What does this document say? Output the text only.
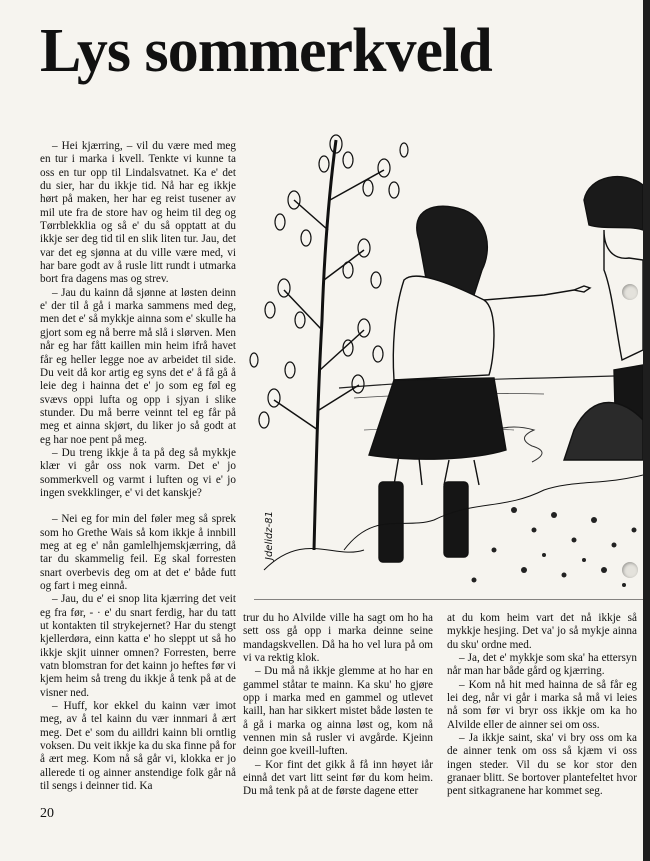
Lys sommerkveld

– Hei kjærring, – vil du være med meg en tur i marka i kvell. Tenkte vi kunne ta oss en tur opp til Lindalsvatnet. Ka e' det du sier, har du ikkje tid. Nå har eg ikkje hørt på maken, her har eg reist tusener av mil ute fra de store hav og heim til deg og Tørrblekklia og så e' du så opptatt at du ikkje ser deg tid til en slik liten tur. Jau, det var det eg sjønna at du ville være med, vi har bare godt av å rusle litt rundt i utmarka bort fra dagens mas og strev.

– Jau du kainn då sjønne at løsten deinn e' der til å gå i marka sammens med deg, men det e' så mykkje ainna som e' skulle ha gjort som eg nå berre må slå i slørven. Men når eg har fått kaillen min heim ifrå havet får eg heller legge noe av arbeidet til side. Du veit då kor artig eg syns det e' å få gå å leie deg i hainna det e' jo som eg føl eg svævs oppi lufta og opp i sjyan i slike stunder. Du må berre veinnt tel eg får på meg et ainna skjørt, du liker jo så godt at eg har noe pent på meg.

– Du treng ikkje å ta på deg så mykkje klær vi går oss nok varm. Det e' jo sommerkvell og varmt i luften og vi e' jo ingen svekklinger, e' vi det kanskje?

– Nei eg for min del føler meg så sprek som ho Grethe Wais så kom ikkje å innbill meg at eg e' nån gamlelhjemskjærring, då tar du skammelig feil. Eg skal forresten snart overbevis deg om at det e' både futt og fart i meg einnå.

– Jau, du e' ei snop lita kjærring det veit eg fra før, - · e' du snart ferdig, har du tatt ut kontakten til strykejernet? Har du stengt kjellerdøra, einn katta e' ho sleppt ut så ho ikkje skjit uinner omnen? Forresten, berre vatn blomstran for det kainn jo heftes før vi kjem heim så treng du ikkje å tenk på at de visner ned.

– Huff, kor ekkel du kainn vær imot meg, av å tel kainn du vær innmari å ært meg. Det e' som du ailldri kainn bli orntlig voksen. Du veit ikkje ka du ska finne på for å ært meg. Kom nå så går vi, klokka er jo allerede ti og ainner anstendige folk går nå til sengs i deinner tid. Ka

Jdelidz-81

trur du ho Alvilde ville ha sagt om ho ha sett oss gå opp i marka deinne seine mandagskvellen. Då ha ho vel lura på om vi va rektig klok.

– Du må nå ikkje glemme at ho har en gammel ståtar te mainn. Ka sku' ho gjøre opp i marka med en gammel og utlevet kaill, han har sikkert mistet både løsten te å gå i marka og ainna løst og, kom nå vennen min så rusler vi avgårde. Kjeinn deinn goe kveill-luften.

– Kor fint det gikk å få inn høyet iår einnå det vart litt seint før du kom heim. Du må tenk på at de første dagene etter

at du kom heim vart det nå ikkje så mykkje hesjing. Det va' jo så mykje ainna du sku' ordne med.

– Ja, det e' mykkje som ska' ha ettersyn når man har både gård og kjærring.

– Kom nå hit med hainna de så får eg lei deg, når vi går i marka så må vi leies nå som før vi bryr oss ikkje om ka ho Alvilde eller de ainner sei om oss.

– Ja ikkje saint, ska' vi bry oss om ka de ainner tenk om oss så kjæm vi oss ingen steder. Vil du se kor stor den granaer blitt. Se bortover plantefeltet hvor pent sitkagranene har kommet seg.

20
